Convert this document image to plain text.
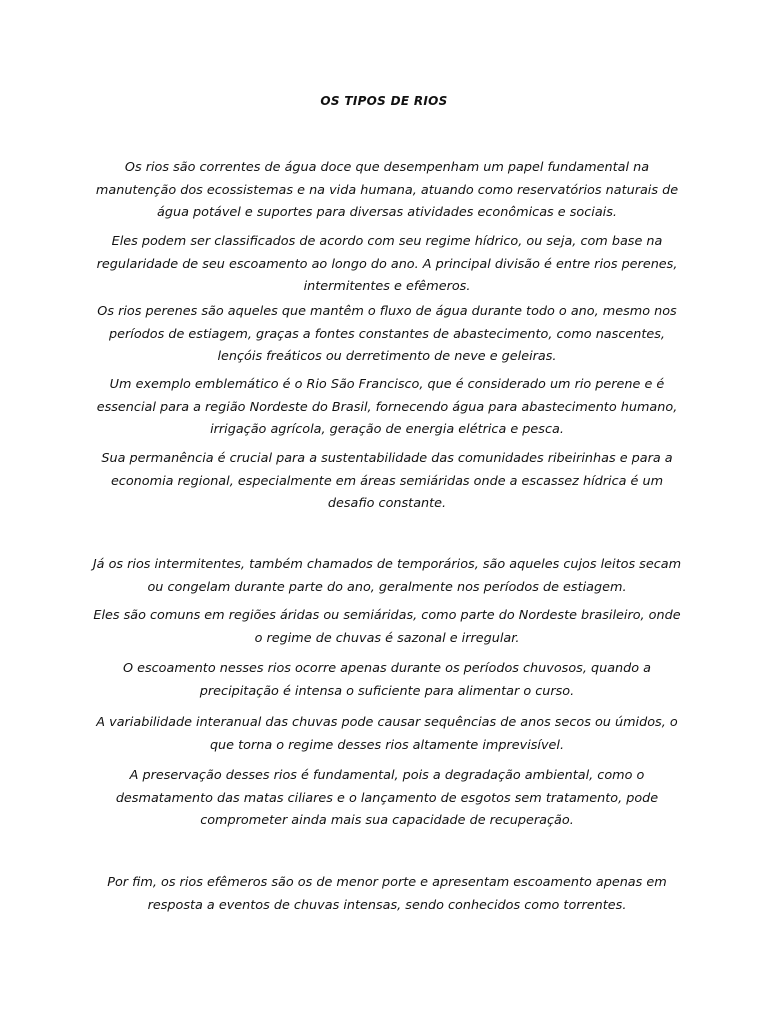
OS TIPOS DE RIOS

Os rios são correntes de água doce que desempenham um papel fundamental na manutenção dos ecossistemas e na vida humana, atuando como reservatórios naturais de água potável e suportes para diversas atividades econômicas e sociais.

Eles podem ser classificados de acordo com seu regime hídrico, ou seja, com base na regularidade de seu escoamento ao longo do ano. A principal divisão é entre rios perenes, intermitentes e efêmeros.

Os rios perenes são aqueles que mantêm o fluxo de água durante todo o ano, mesmo nos períodos de estiagem, graças a fontes constantes de abastecimento, como nascentes, lençóis freáticos ou derretimento de neve e geleiras.

Um exemplo emblemático é o Rio São Francisco, que é considerado um rio perene e é essencial para a região Nordeste do Brasil, fornecendo água para abastecimento humano, irrigação agrícola, geração de energia elétrica e pesca.

Sua permanência é crucial para a sustentabilidade das comunidades ribeirinhas e para a economia regional, especialmente em áreas semiáridas onde a escassez hídrica é um desafio constante.

Já os rios intermitentes, também chamados de temporários, são aqueles cujos leitos secam ou congelam durante parte do ano, geralmente nos períodos de estiagem.

Eles são comuns em regiões áridas ou semiáridas, como parte do Nordeste brasileiro, onde o regime de chuvas é sazonal e irregular.

O escoamento nesses rios ocorre apenas durante os períodos chuvosos, quando a precipitação é intensa o suficiente para alimentar o curso.

A variabilidade interanual das chuvas pode causar sequências de anos secos ou úmidos, o que torna o regime desses rios altamente imprevisível.

A preservação desses rios é fundamental, pois a degradação ambiental, como o desmatamento das matas ciliares e o lançamento de esgotos sem tratamento, pode comprometer ainda mais sua capacidade de recuperação.

Por fim, os rios efêmeros são os de menor porte e apresentam escoamento apenas em resposta a eventos de chuvas intensas, sendo conhecidos como torrentes.
